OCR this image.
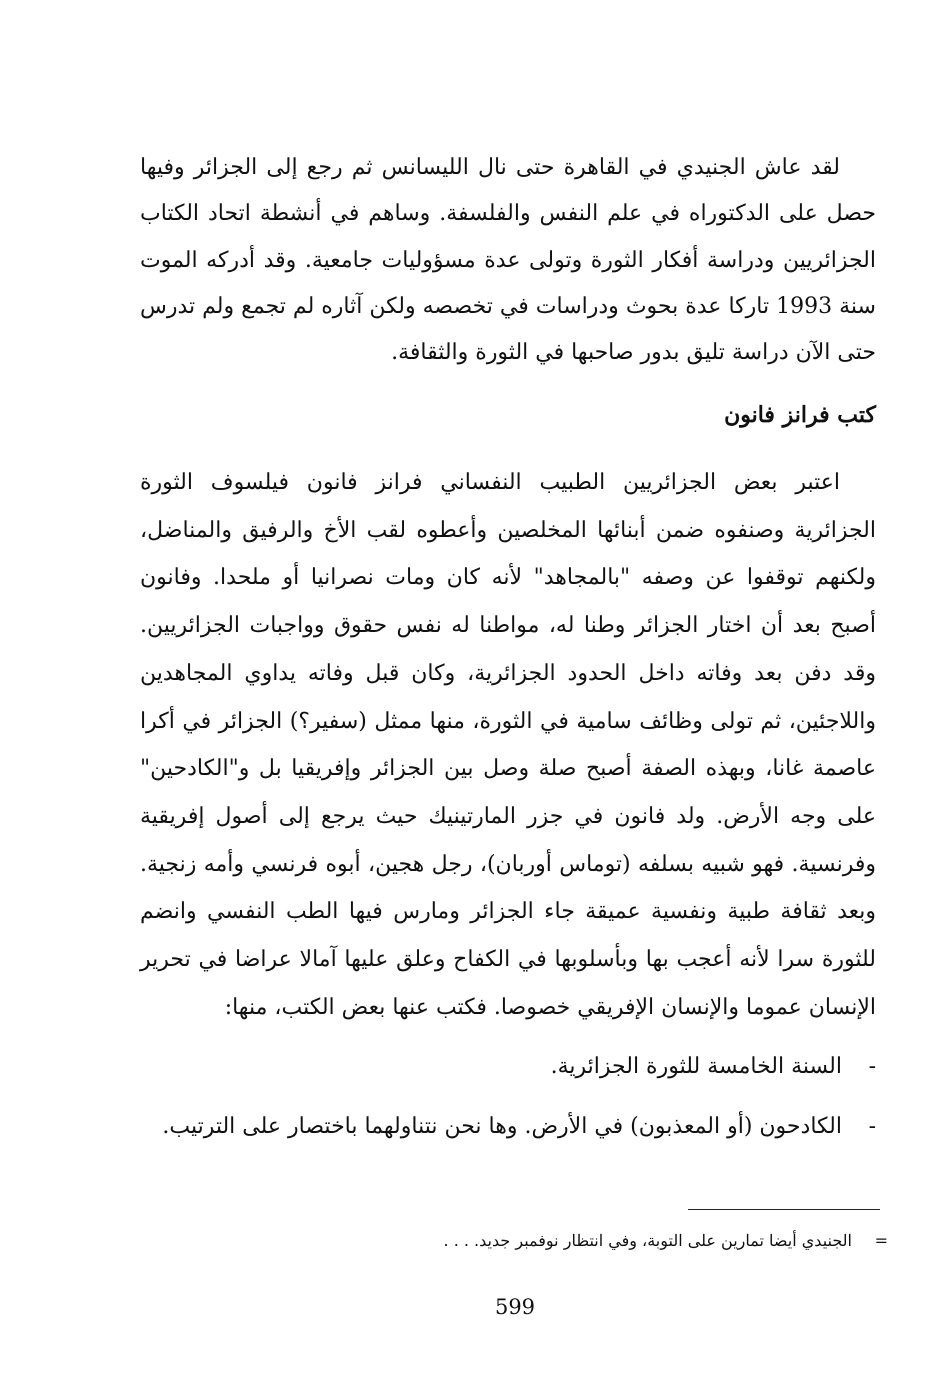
لقد عاش الجنيدي في القاهرة حتى نال الليسانس ثم رجع إلى الجزائر وفيها حصل على الدكتوراه في علم النفس والفلسفة. وساهم في أنشطة اتحاد الكتاب الجزائريين ودراسة أفكار الثورة وتولى عدة مسؤوليات جامعية. وقد أدركه الموت سنة 1993 تاركا عدة بحوث ودراسات في تخصصه ولكن آثاره لم تجمع ولم تدرس حتى الآن دراسة تليق بدور صاحبها في الثورة والثقافة.

كتب فرانز فانون

اعتبر بعض الجزائريين الطبيب النفساني فرانز فانون فيلسوف الثورة الجزائرية وصنفوه ضمن أبنائها المخلصين وأعطوه لقب الأخ والرفيق والمناضل، ولكنهم توقفوا عن وصفه "بالمجاهد" لأنه كان ومات نصرانيا أو ملحدا. وفانون أصبح بعد أن اختار الجزائر وطنا له، مواطنا له نفس حقوق وواجبات الجزائريين. وقد دفن بعد وفاته داخل الحدود الجزائرية، وكان قبل وفاته يداوي المجاهدين واللاجئين، ثم تولى وظائف سامية في الثورة، منها ممثل (سفير؟) الجزائر في أكرا عاصمة غانا، وبهذه الصفة أصبح صلة وصل بين الجزائر وإفريقيا بل و"الكادحين" على وجه الأرض. ولد فانون في جزر المارتينيك حيث يرجع إلى أصول إفريقية وفرنسية. فهو شبيه بسلفه (توماس أوربان)، رجل هجين، أبوه فرنسي وأمه زنجية. وبعد ثقافة طبية ونفسية عميقة جاء الجزائر ومارس فيها الطب النفسي وانضم للثورة سرا لأنه أعجب بها وبأسلوبها في الكفاح وعلق عليها آمالا عراضا في تحرير الإنسان عموما والإنسان الإفريقي خصوصا. فكتب عنها بعض الكتب، منها:

-
السنة الخامسة للثورة الجزائرية.
-
الكادحون (أو المعذبون) في الأرض. وها نحن نتناولهما باختصار على الترتيب.
=
الجنيدي أيضا تمارين على التوبة، وفي انتظار نوفمبر جديد. . . .
599
